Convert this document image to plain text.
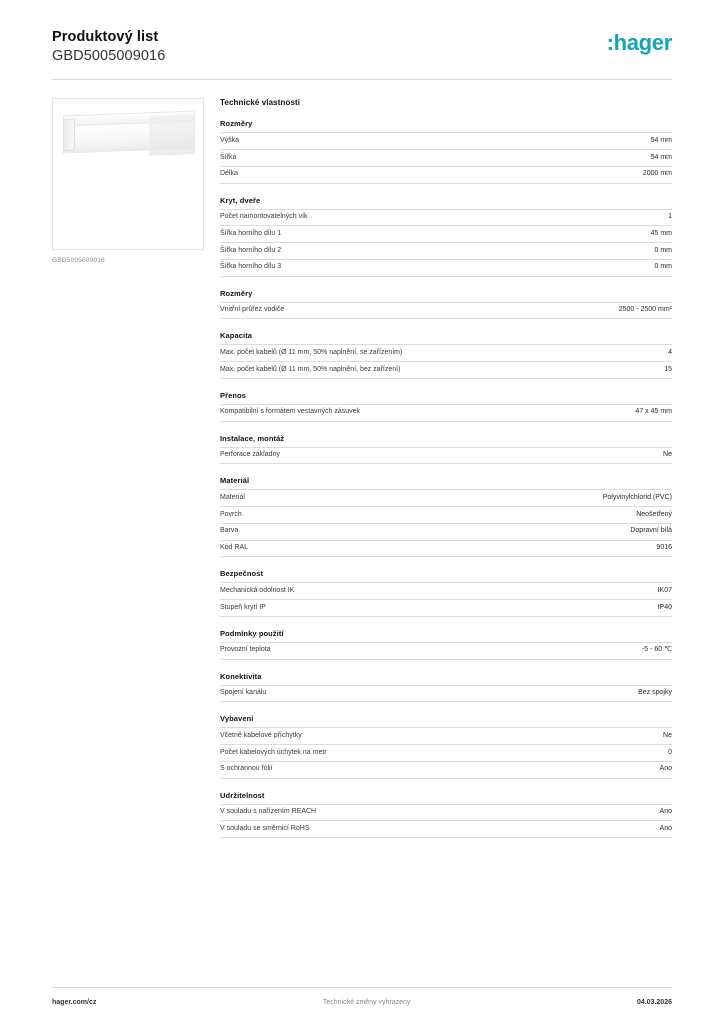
Produktový list
GBD5005009016
:hager
GBD5005009016
Technické vlastnosti
Rozměry
Výška	54 mm
Šířka	54 mm
Délka	2000 mm
Kryt, dveře
Počet namontovatelných vík	1
Šířka horního dílu 1	45 mm
Šířka horního dílu 2	0 mm
Šířka horního dílu 3	0 mm
Rozměry
Vnitřní průřez vodiče	2500 - 2500 mm²
Kapacita
Max. počet kabelů (Ø 11 mm, 50% naplnění, se zařízením)	4
Max. počet kabelů (Ø 11 mm, 50% naplnění, bez zařízení)	15
Přenos
Kompatibilní s formátem vestavných zásuvek	47 x 45 mm
Instalace, montáž
Perforace základny	Ne
Materiál
Materiál	Polyvinylchlorid (PVC)
Povrch	Neošetřený
Barva	Dopravní bílá
Kód RAL	9016
Bezpečnost
Mechanická odolnost IK	IK07
Stupeň krytí IP	IP40
Podmínky použití
Provozní teplota	-5 - 60 ℃
Konektivita
Spojení kanálu	Bez spojky
Vybavení
Včetně kabelové příchytky	Ne
Počet kabelových úchytek na metr	0
S ochrannou fólií	Ano
Udržitelnost
V souladu s nařízením REACH	Ano
V souladu se směrnicí RoHS	Ano
hager.com/cz	Technické změny vyhrazeny	04.03.2026
